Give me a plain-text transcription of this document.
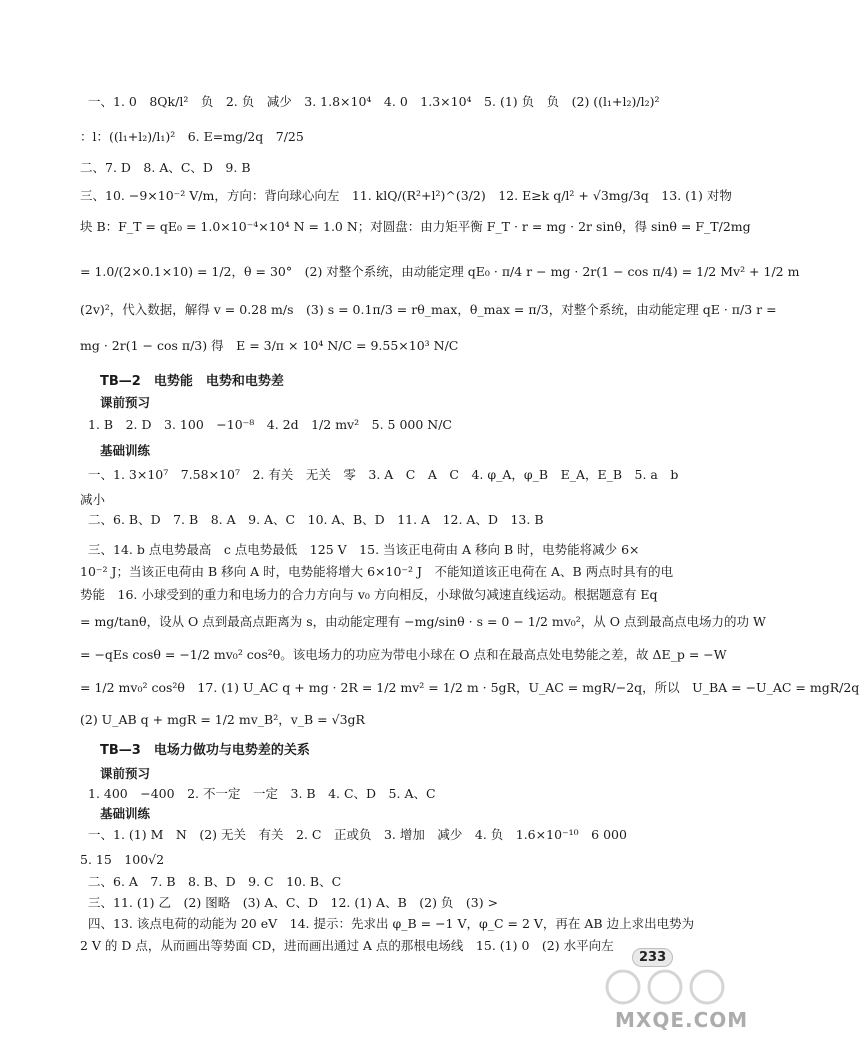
一、1. 0　8Qk/l²　负　2. 负　减少　3. 1.8×10⁴　4. 0　1.3×10⁴　5. (1) 负　负　(2) ((l₁+l₂)/l₂)²
：l：((l₁+l₂)/l₁)²　6. E=mg/2q　7/25
二、7. D　8. A、C、D　9. B
三、10. −9×10⁻² V/m，方向：背向球心向左　11. klQ/(R²+l²)^(3/2)　12. E≥k q/l² + √3mg/3q　13. (1) 对物
块 B：F_T = qE₀ = 1.0×10⁻⁴×10⁴ N = 1.0 N；对圆盘：由力矩平衡 F_T · r = mg · 2r sinθ，得 sinθ = F_T/2mg
= 1.0/(2×0.1×10) = 1/2，θ = 30°　(2) 对整个系统，由动能定理 qE₀ · π/4 r − mg · 2r(1 − cos π/4) = 1/2 Mv² + 1/2 m
(2v)²，代入数据，解得 v = 0.28 m/s　(3) s = 0.1π/3 = rθ_max，θ_max = π/3，对整个系统，由动能定理 qE · π/3 r =
mg · 2r(1 − cos π/3) 得　E = 3/π × 10⁴ N/C = 9.55×10³ N/C
TB—2　电势能　电势和电势差
课前预习
1. B　2. D　3. 100　−10⁻⁸　4. 2d　1/2 mv²　5. 5 000 N/C
基础训练
一、1. 3×10⁷　7.58×10⁷　2. 有关　无关　零　3. A　C　A　C　4. φ_A，φ_B　E_A，E_B　5. a　b
减小
二、6. B、D　7. B　8. A　9. A、C　10. A、B、D　11. A　12. A、D　13. B
三、14. b 点电势最高　c 点电势最低　125 V　15. 当该正电荷由 A 移向 B 时，电势能将减少 6×
10⁻² J；当该正电荷由 B 移向 A 时，电势能将增大 6×10⁻² J　不能知道该正电荷在 A、B 两点时具有的电
势能　16. 小球受到的重力和电场力的合力方向与 v₀ 方向相反，小球做匀减速直线运动。根据题意有 Eq
= mg/tanθ，设从 O 点到最高点距离为 s，由动能定理有 −mg/sinθ · s = 0 − 1/2 mv₀²，从 O 点到最高点电场力的功 W
= −qEs cosθ = −1/2 mv₀² cos²θ。该电场力的功应为带电小球在 O 点和在最高点处电势能之差，故 ΔE_p = −W
= 1/2 mv₀² cos²θ　17. (1) U_AC q + mg · 2R = 1/2 mv² = 1/2 m · 5gR，U_AC = mgR/−2q，所以　U_BA = −U_AC = mgR/2q
(2) U_AB q + mgR = 1/2 mv_B²，v_B = √3gR
TB—3　电场力做功与电势差的关系
课前预习
1. 400　−400　2. 不一定　一定　3. B　4. C、D　5. A、C
基础训练
一、1. (1) M　N　(2) 无关　有关　2. C　正或负　3. 增加　减少　4. 负　1.6×10⁻¹⁰　6 000
5. 15　100√2
二、6. A　7. B　8. B、D　9. C　10. B、C
三、11. (1) 乙　(2) 图略　(3) A、C、D　12. (1) A、B　(2) 负　(3) >
四、13. 该点电荷的动能为 20 eV　14. 提示：先求出 φ_B = −1 V，φ_C = 2 V，再在 AB 边上求出电势为
2 V 的 D 点，从而画出等势面 CD，进而画出通过 A 点的那根电场线　15. (1) 0　(2) 水平向左
233
MXQE.COM
